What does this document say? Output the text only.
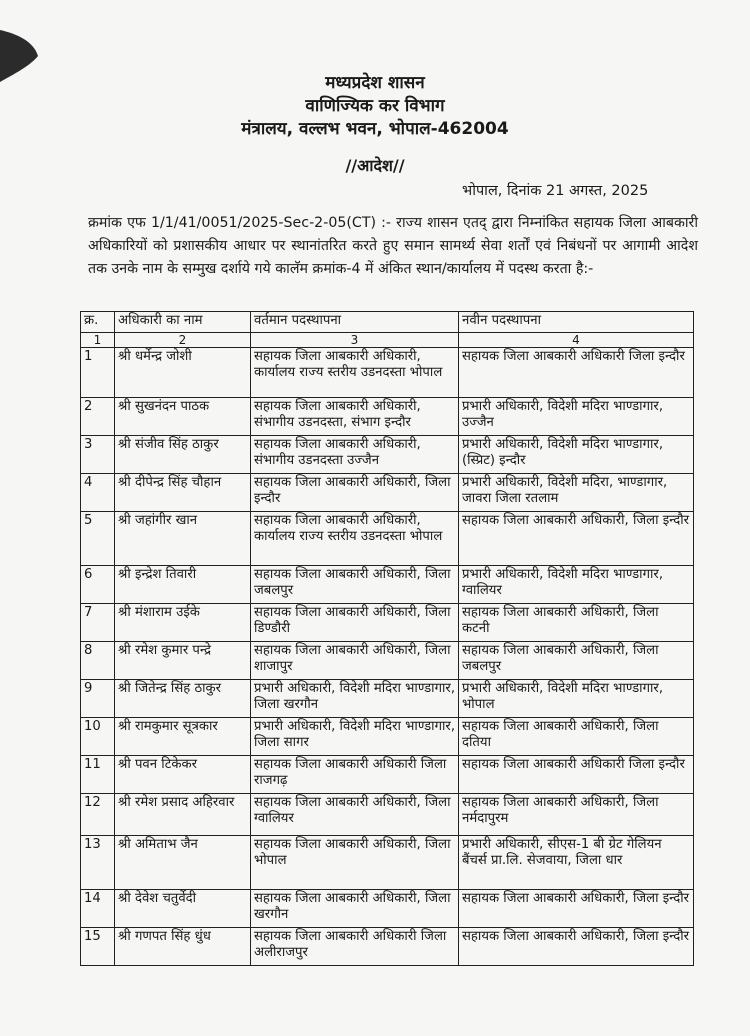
मध्यप्रदेश शासन
वाणिज्यिक कर विभाग
मंत्रालय, वल्लभ भवन, भोपाल-462004
//आदेश//
भोपाल, दिनांक 21 अगस्त, 2025
क्रमांक एफ 1/1/41/0051/2025-Sec-2-05(CT) :- राज्य शासन एतद् द्वारा निम्नांकित सहायक जिला आबकारी अधिकारियों को प्रशासकीय आधार पर स्थानांतरित करते हुए समान सामर्थ्य सेवा शर्तों एवं निबंधनों पर आगामी आदेश तक उनके नाम के सम्मुख दर्शाये गये कालॅम क्रमांक-4 में अंकित स्थान/कार्यालय में पदस्थ करता है:-
क्र.	अधिकारी का नाम	वर्तमान पदस्थापना	नवीन पदस्थापना
1	2	3	4
1	श्री धर्मेन्द्र जोशी	सहायक जिला आबकारी अधिकारी, कार्यालय राज्य स्तरीय उडनदस्ता भोपाल	सहायक जिला आबकारी अधिकारी जिला इन्दौर
2	श्री सुखनंदन पाठक	सहायक जिला आबकारी अधिकारी, संभागीय उडनदस्ता, संभाग इन्दौर	प्रभारी अधिकारी, विदेशी मदिरा भाण्डागार, उज्जैन
3	श्री संजीव सिंह ठाकुर	सहायक जिला आबकारी अधिकारी, संभागीय उडनदस्ता उज्जैन	प्रभारी अधिकारी, विदेशी मदिरा भाण्डागार, (स्प्रिट) इन्दौर
4	श्री दीपेन्द्र सिंह चौहान	सहायक जिला आबकारी अधिकारी, जिला इन्दौर	प्रभारी अधिकारी, विदेशी मदिरा, भाण्डागार, जावरा जिला रतलाम
5	श्री जहांगीर खान	सहायक जिला आबकारी अधिकारी, कार्यालय राज्य स्तरीय उडनदस्ता भोपाल	सहायक जिला आबकारी अधिकारी, जिला इन्दौर
6	श्री इन्द्रेश तिवारी	सहायक जिला आबकारी अधिकारी, जिला जबलपुर	प्रभारी अधिकारी, विदेशी मदिरा भाण्डागार, ग्वालियर
7	श्री मंशाराम उईके	सहायक जिला आबकारी अधिकारी, जिला डिण्डौरी	सहायक जिला आबकारी अधिकारी, जिला कटनी
8	श्री रमेश कुमार पन्द्रे	सहायक जिला आबकारी अधिकारी, जिला शाजापुर	सहायक जिला आबकारी अधिकारी, जिला जबलपुर
9	श्री जितेन्द्र सिंह ठाकुर	प्रभारी अधिकारी, विदेशी मदिरा भाण्डागार, जिला खरगौन	प्रभारी अधिकारी, विदेशी मदिरा भाण्डागार, भोपाल
10	श्री रामकुमार सूत्रकार	प्रभारी अधिकारी, विदेशी मदिरा भाण्डागार, जिला सागर	सहायक जिला आबकारी अधिकारी, जिला दतिया
11	श्री पवन टिकेकर	सहायक जिला आबकारी अधिकारी जिला राजगढ़	सहायक जिला आबकारी अधिकारी जिला इन्दौर
12	श्री रमेश प्रसाद अहिरवार	सहायक जिला आबकारी अधिकारी, जिला ग्वालियर	सहायक जिला आबकारी अधिकारी, जिला नर्मदापुरम
13	श्री अमिताभ जैन	सहायक जिला आबकारी अधिकारी, जिला भोपाल	प्रभारी अधिकारी, सीएस-1 बी ग्रेट गेलियन बैंचर्स प्रा.लि. सेजवाया, जिला धार
14	श्री देवेश चतुर्वेदी	सहायक जिला आबकारी अधिकारी, जिला खरगौन	सहायक जिला आबकारी अधिकारी, जिला इन्दौर
15	श्री गणपत सिंह धुंध	सहायक जिला आबकारी अधिकारी जिला अलीराजपुर	सहायक जिला आबकारी अधिकारी, जिला इन्दौर
